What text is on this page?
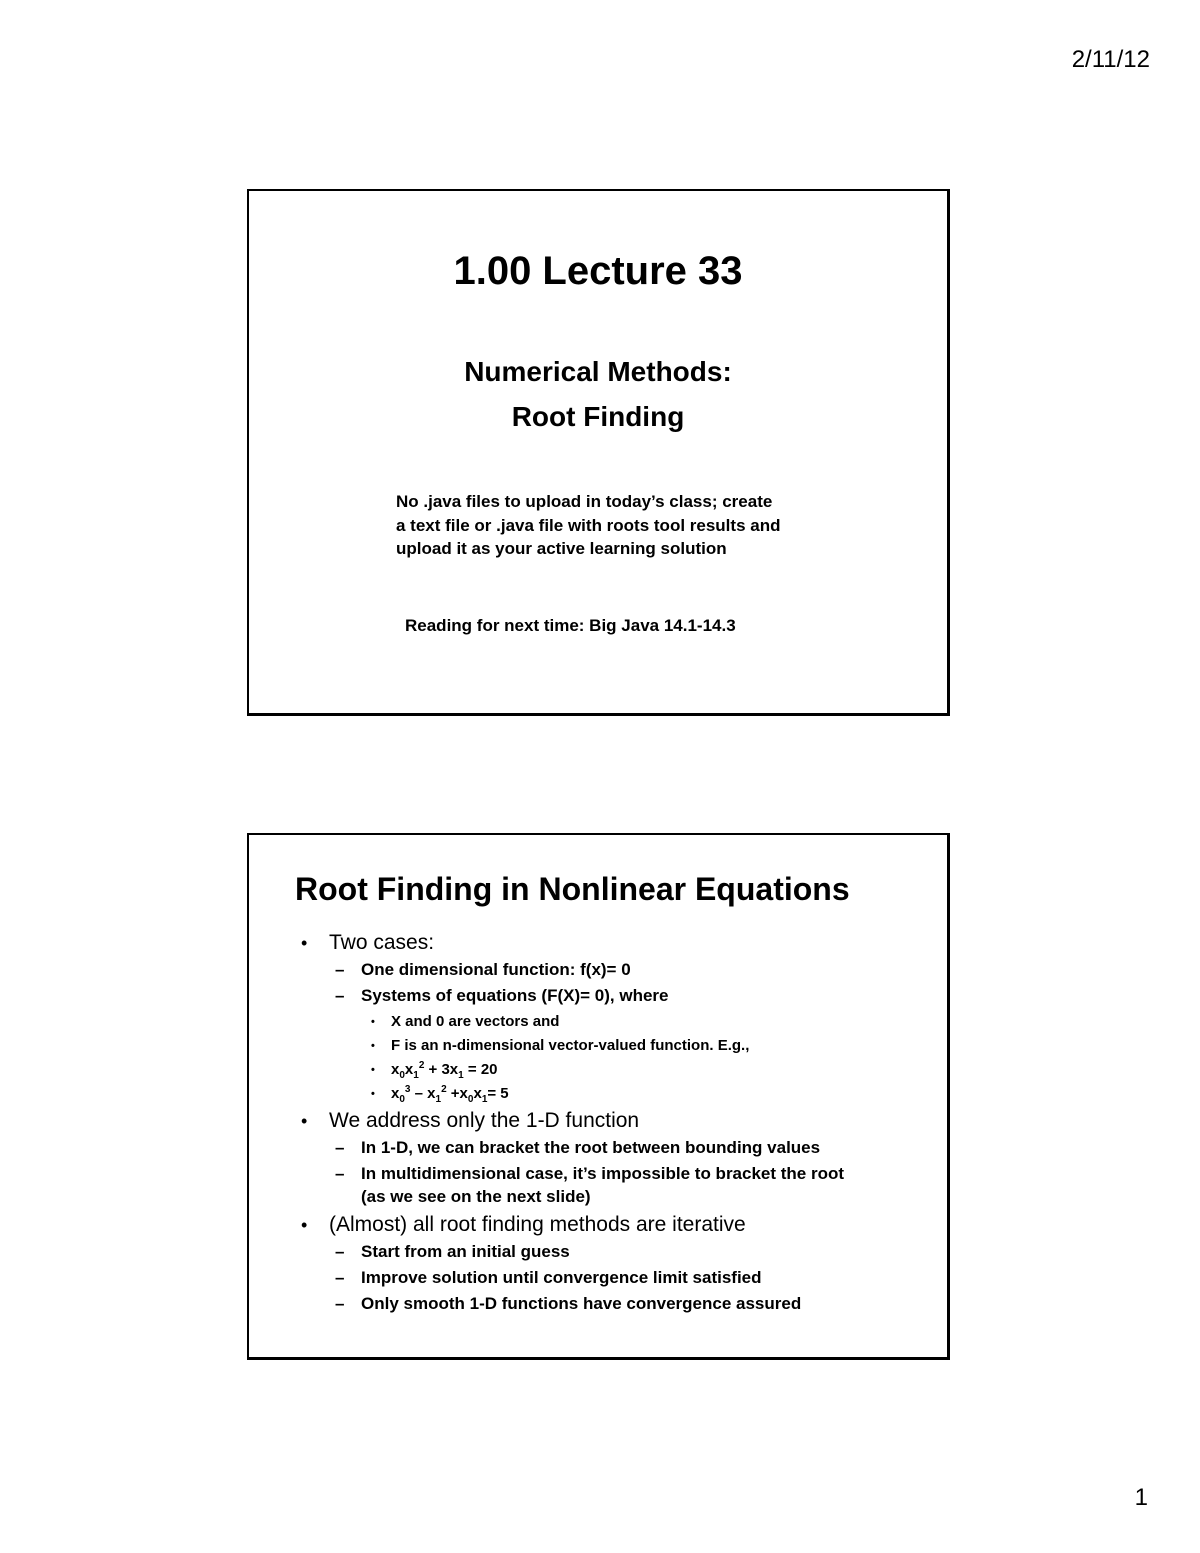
2/11/12
1.00 Lecture 33
Numerical Methods:
Root Finding
No .java files to upload in today’s class; create
a text file or .java file with roots tool results and
upload it as your active learning solution
Reading for next time: Big Java 14.1-14.3
Root Finding in Nonlinear Equations
• Two cases:
– One dimensional function: f(x)= 0
– Systems of equations (F(X)= 0), where
• X and 0 are vectors and
• F is an n-dimensional vector-valued function. E.g.,
• $x_0x_1^2 + 3x_1 = 20$
• $x_0^3 - x_1^2 +x_0x_1= 5$
• We address only the 1-D function
– In 1-D, we can bracket the root between bounding values
– In multidimensional case, it’s impossible to bracket the root
(as we see on the next slide)
• (Almost) all root finding methods are iterative
– Start from an initial guess
– Improve solution until convergence limit satisfied
– Only smooth 1-D functions have convergence assured
1
